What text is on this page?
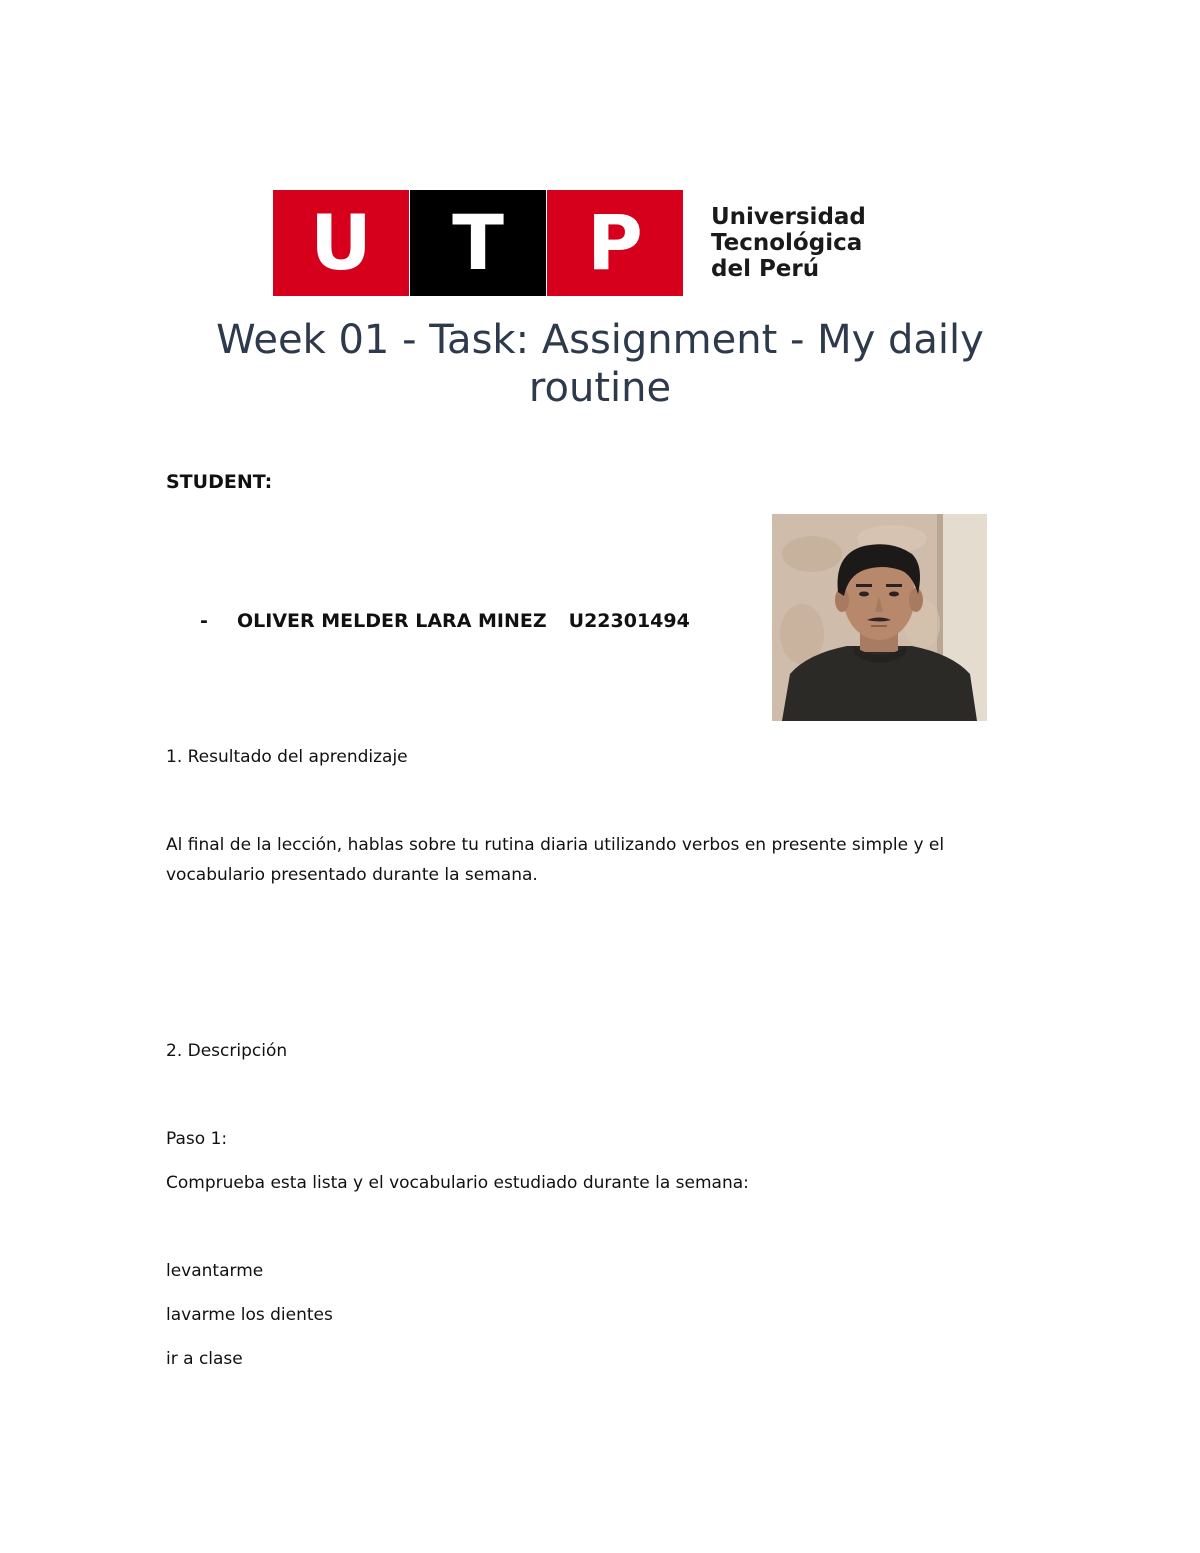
U T P	Universidad
Tecnológica
del Perú
Week 01 - Task: Assignment - My daily
routine
STUDENT:
- OLIVER MELDER LARA MINEZ U22301494
1. Resultado del aprendizaje
Al final de la lección, hablas sobre tu rutina diaria utilizando verbos en presente simple y el
vocabulario presentado durante la semana.
2. Descripción
Paso 1:
Comprueba esta lista y el vocabulario estudiado durante la semana:
levantarme
lavarme los dientes
ir a clase
